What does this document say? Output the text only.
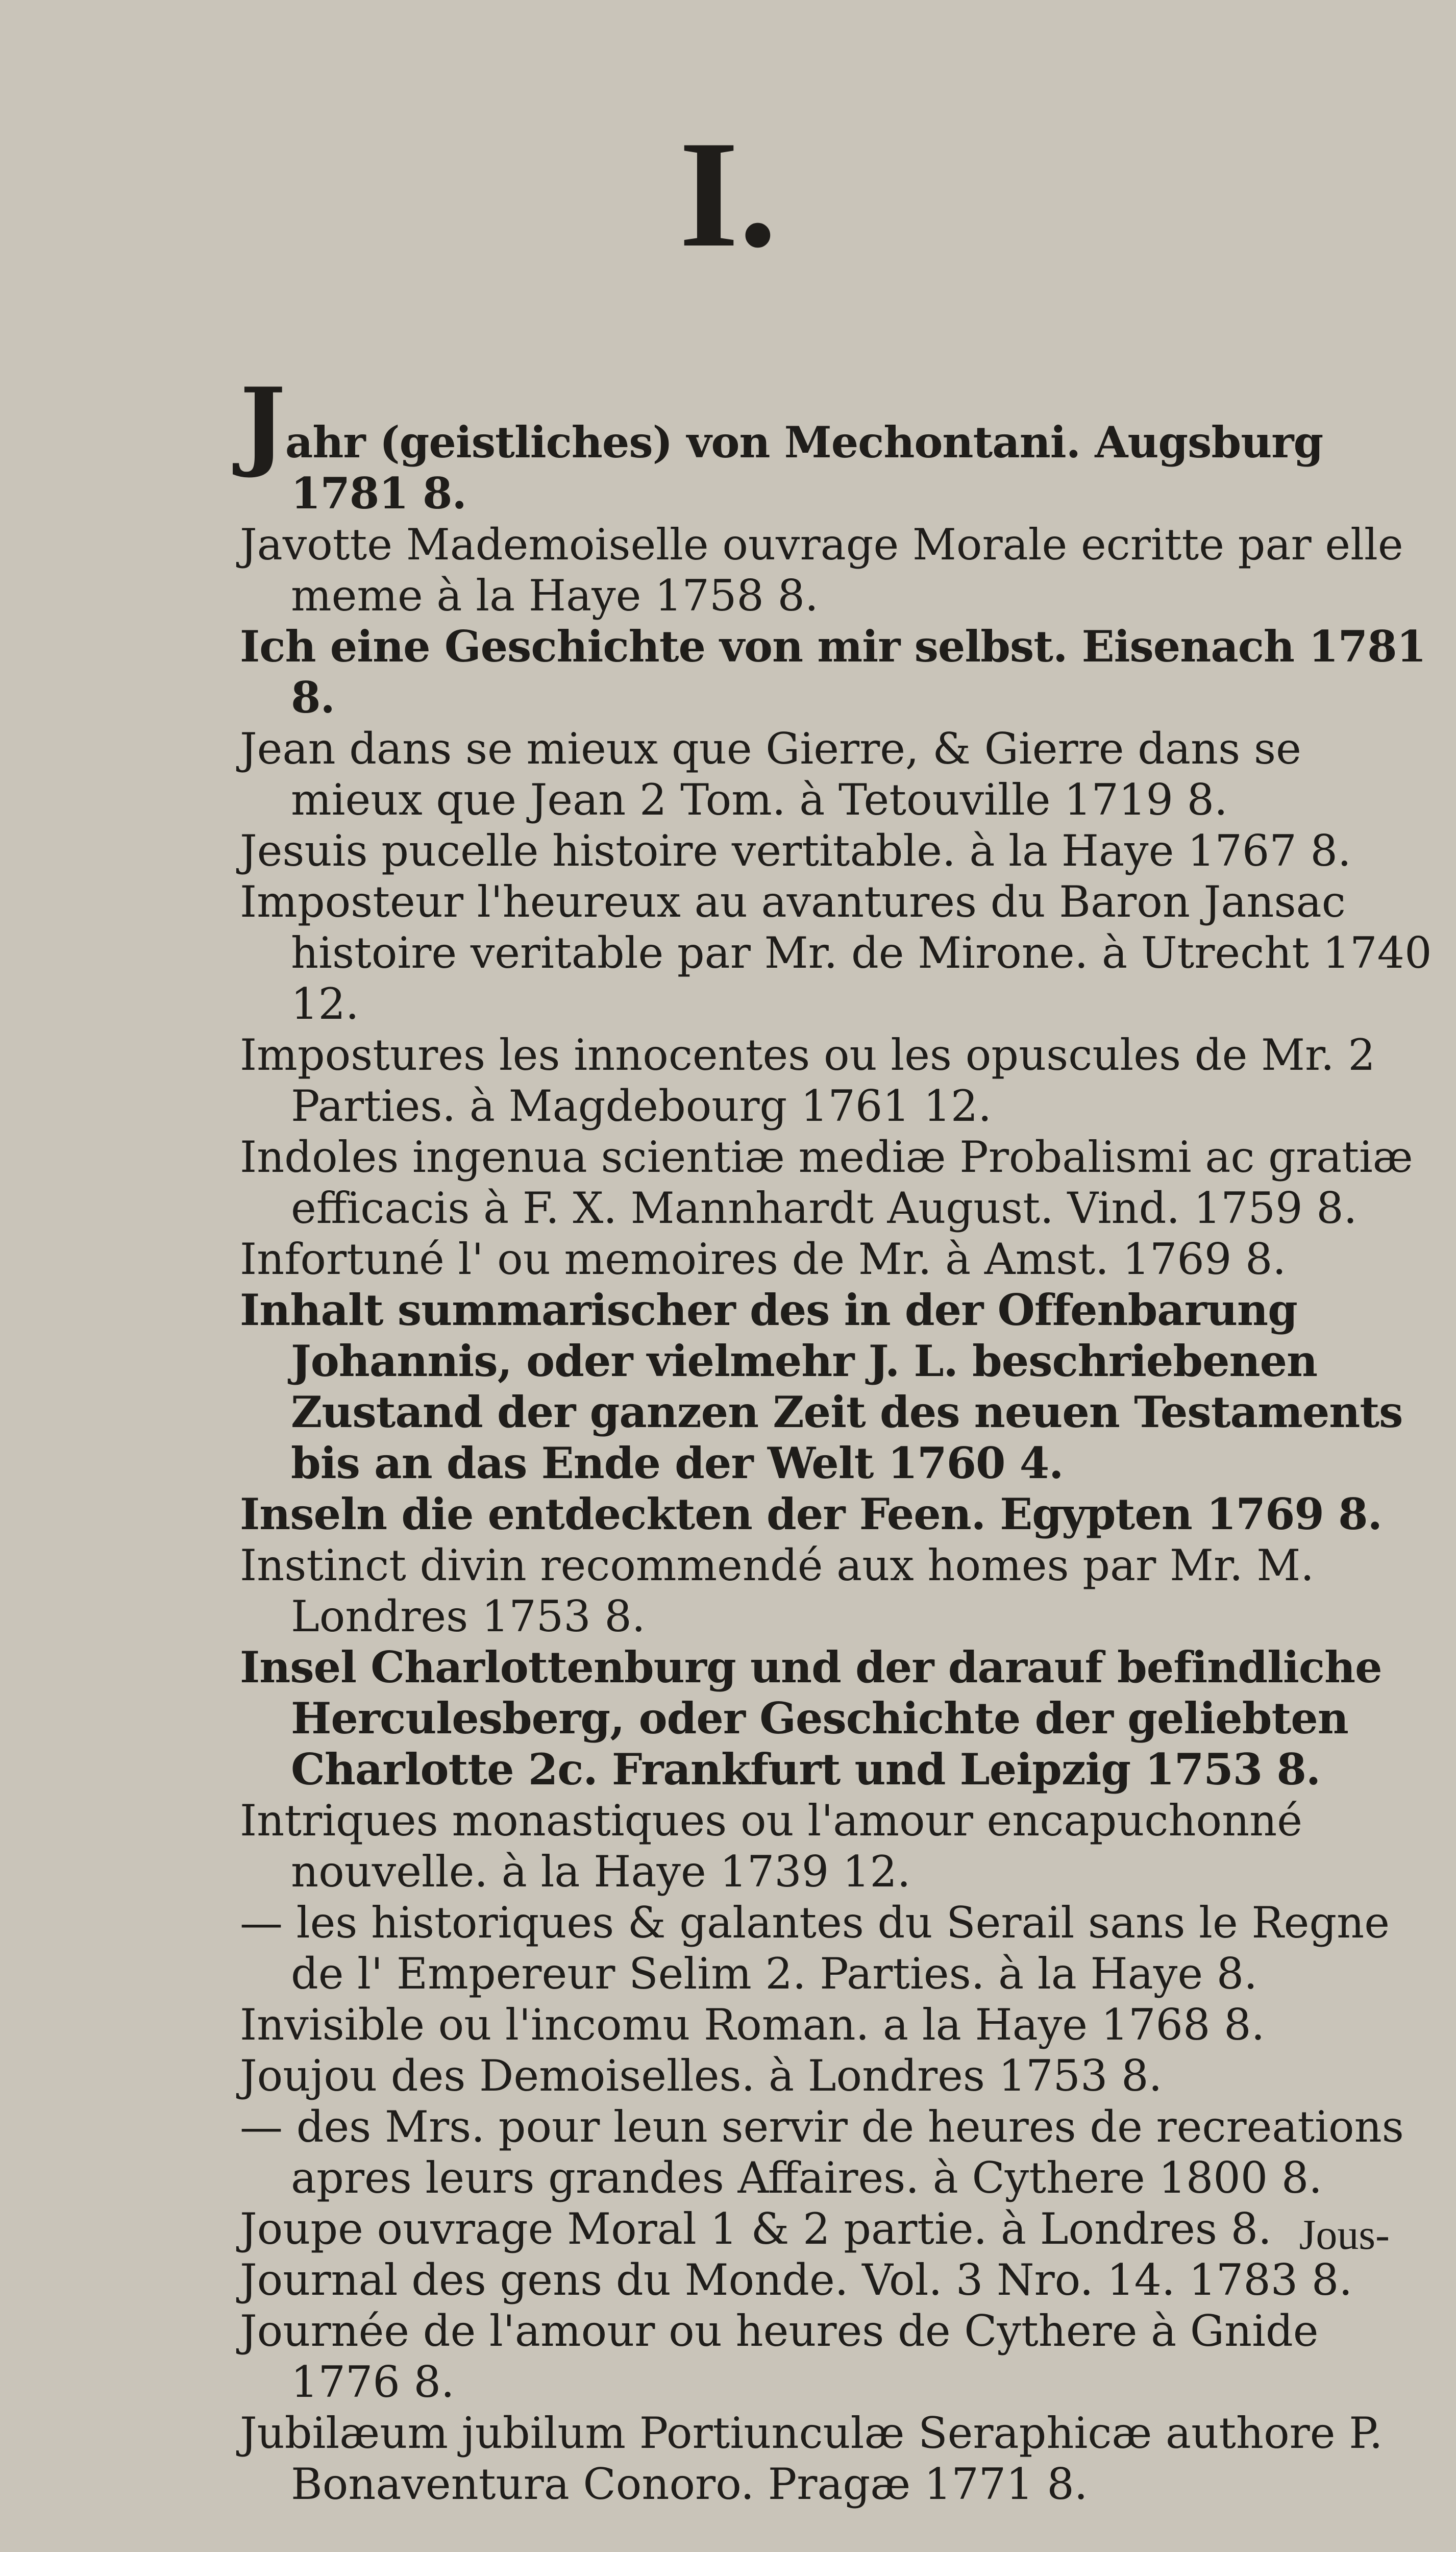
I.

Jahr (geistliches) von Mechontani. Augsburg 1781 8.

Javotte Mademoiselle ouvrage Morale ecritte par elle meme à la Haye 1758 8.

Ich eine Geschichte von mir selbst. Eisenach 1781 8.

Jean dans se mieux que Gierre, & Gierre dans se mieux que Jean 2 Tom. à Tetouville 1719 8.

Jesuis pucelle histoire vertitable. à la Haye 1767 8.

Imposteur l'heureux au avantures du Baron Jansac histoire veritable par Mr. de Mirone. à Utrecht 1740 12.

Impostures les innocentes ou les opuscules de Mr. 2 Parties. à Magdebourg 1761 12.

Indoles ingenua scientiæ mediæ Probalismi ac gratiæ efficacis à F. X. Mannhardt August. Vind. 1759 8.

Infortuné l' ou memoires de Mr. à Amst. 1769 8.

Inhalt summarischer des in der Offenbarung Johannis, oder vielmehr J. L. beschriebenen Zustand der ganzen Zeit des neuen Testaments bis an das Ende der Welt 1760 4.

Inseln die entdeckten der Feen. Egypten 1769 8.

Instinct divin recommendé aux homes par Mr. M. Londres 1753 8.

Insel Charlottenburg und der darauf befindliche Herculesberg, oder Geschichte der geliebten Charlotte 2c. Frankfurt und Leipzig 1753 8.

Intriques monastiques ou l'amour encapuchonné nouvelle. à la Haye 1739 12.

— les historiques & galantes du Serail sans le Regne de l' Empereur Selim 2. Parties. à la Haye 8.

Invisible ou l'incomu Roman. a la Haye 1768 8.

Joujou des Demoiselles. à Londres 1753 8.

— des Mrs. pour leun servir de heures de recreations apres leurs grandes Affaires. à Cythere 1800 8.

Joupe ouvrage Moral 1 & 2 partie. à Londres 8.

Journal des gens du Monde. Vol. 3 Nro. 14. 1783 8.

Journée de l'amour ou heures de Cythere à Gnide 1776 8.

Jubilæum jubilum Portiunculæ Seraphicæ authore P. Bonaventura Conoro. Pragæ 1771 8.

Jous-
